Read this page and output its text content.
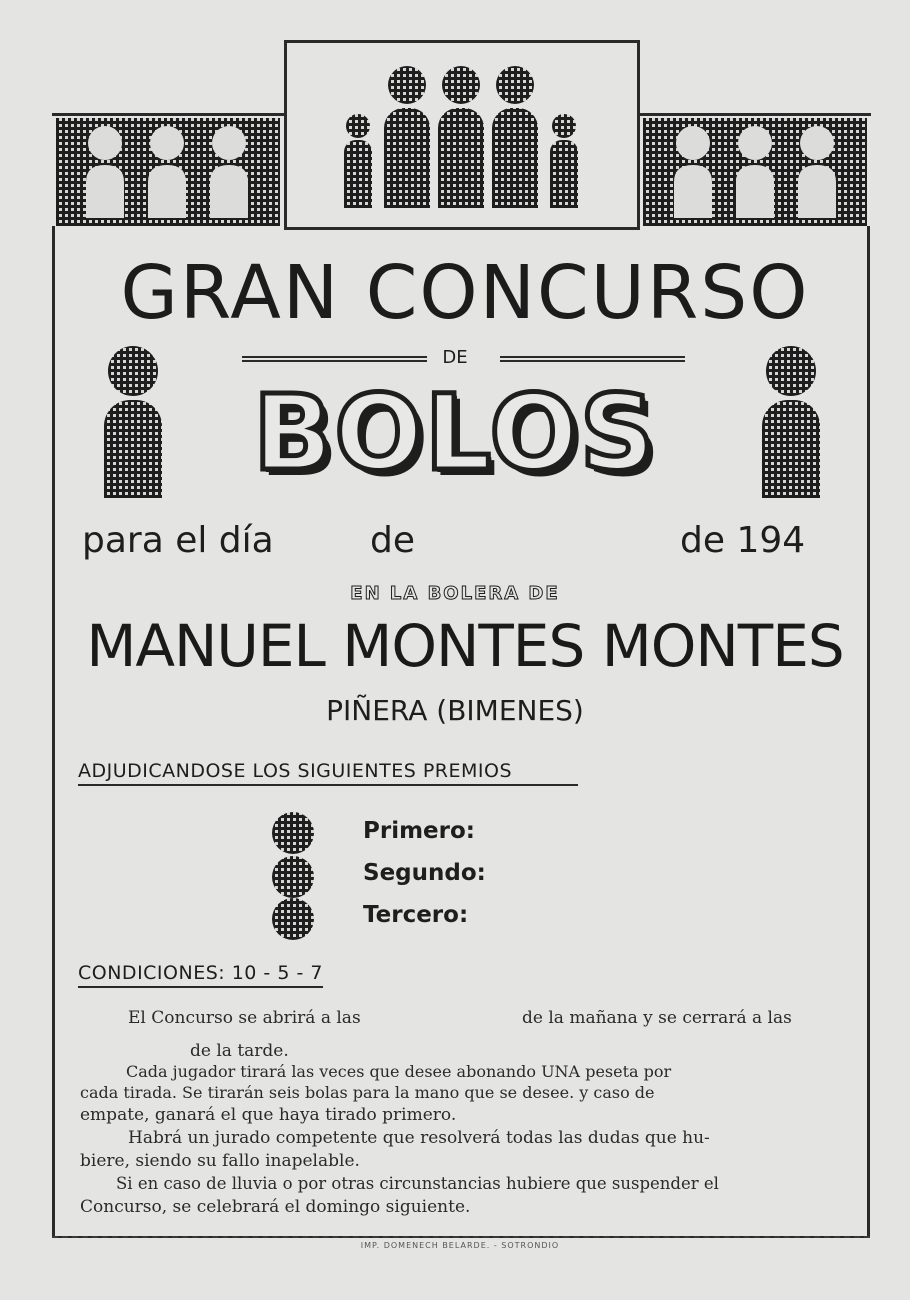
GRAN CONCURSO
DE
BOLOS
para el día	de	de 194
EN LA BOLERA DE
MANUEL MONTES MONTES
PIÑERA (BIMENES)
ADJUDICANDOSE LOS SIGUIENTES PREMIOS
Primero:
Segundo:
Tercero:
CONDICIONES: 10 - 5 - 7
El Concurso se abrirá a las	de la mañana y se cerrará a las
de la tarde.
Cada jugador tirará las veces que desee abonando UNA peseta por
cada tirada. Se tirarán seis bolas para la mano que se desee. y caso de
empate, ganará el que haya tirado primero.
Habrá un jurado competente que resolverá todas las dudas que hu-
biere, siendo su fallo inapelable.
Si en caso de lluvia o por otras circunstancias hubiere que suspender el
Concurso, se celebrará el domingo siguiente.
IMP. DOMENECH BELARDE. - SOTRONDIO
